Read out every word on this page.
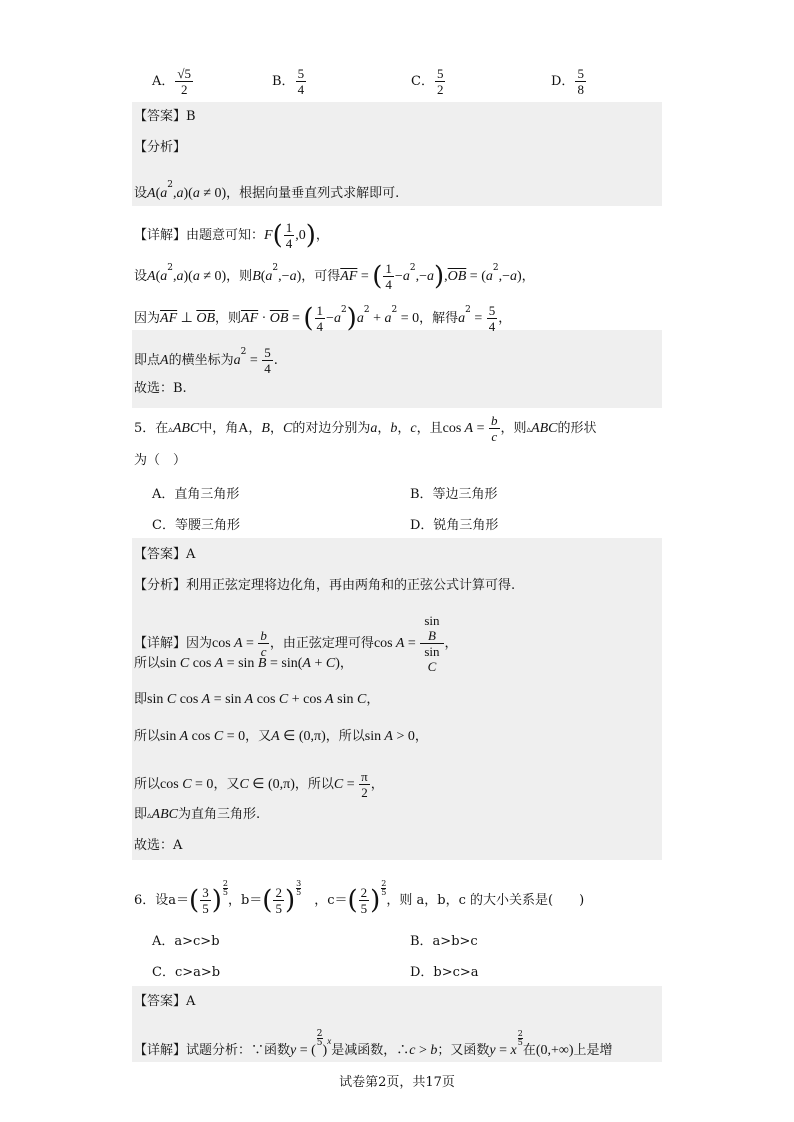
A． $\frac{√5}{2}$	B． $\frac{5}{4}$	C． $\frac{5}{2}$	D． $\frac{5}{8}$
【答案】B
【分析】
设$A(a^2,a)(a \ne 0)$，根据向量垂直列式求解即可.
【详解】由题意可知：$F( \frac{1}{4} ,0)$，
设$A(a^2,a)(a \ne 0)$，则$B(a^2,-a)$，可得$\overline{AF}$ = ( $\frac{1}{4} -a^2,-a),\overline{OB} = (a^2,-a)$，
因为$\overline{AF}$ ⊥ $\overline{OB}$，则$\overline{AF} \cdot \overline{OB}$ = ( $\frac{1}{4} -a^2)a^2 + a^2 = 0$，解得$a^2 = \frac{5}{4}$ ，
即点A的横坐标为$a^2 = \frac{5}{4}$ .
故选：B.
5．在▵ABC中，角A，B，C的对边分别为a，b，c，且$\cos A = \frac{b}{c}$ ，则▵ABC的形状
为（　）
A．直角三角形	B．等边三角形
C．等腰三角形	D．锐角三角形
【答案】A
【分析】利用正弦定理将边化角，再由两角和的正弦公式计算可得.
【详解】因为$\cos A = \frac{b}{c}$ ，由正弦定理可得cos A = sin
B
sin
C ，
所以sin C cos A = sin B = sin(A + C)，
即sin C cos A = sin A cos C + cos A sin C，
所以sin A cos C = 0，又A ∈ (0,π)，所以sin A > 0，
所以cos C = 0，又C ∈ (0,π)，所以$C = \frac{\pi}{2}$ ，
即▵ABC为直角三角形.
故选：A
6．设$a=( \frac{3}{5}$ ) $\frac{2}{5}$，$b=( \frac{2}{5}$ ) $\frac{3}{5}$　，$c=( \frac{2}{5}$ ) $\frac{2}{5}$，则 a，b，c 的大小关系是(　　)
A．a>c>b	B．a>b>c
C．c>a>b	D．b>c>a
【答案】A
【详解】试题分析：∵函数y = (
$\frac{2}{5})^x$是减函数，∴c > b；又函数y = x
$\frac{2}{5}$在(0,+∞)上是增
试卷第2页，共17页
